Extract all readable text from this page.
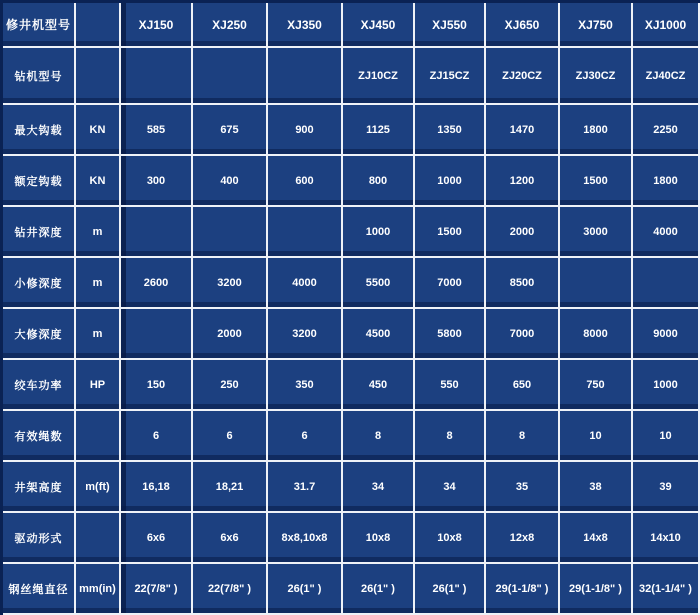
修井机型号		XJ150	XJ250	XJ350	XJ450	XJ550	XJ650	XJ750	XJ1000
钻机型号					ZJ10CZ	ZJ15CZ	ZJ20CZ	ZJ30CZ	ZJ40CZ
最大钩载	KN	585	675	900	1125	1350	1470	1800	2250
额定钩载	KN	300	400	600	800	1000	1200	1500	1800
钻井深度	m				1000	1500	2000	3000	4000
小修深度	m	2600	3200	4000	5500	7000	8500		
大修深度	m		2000	3200	4500	5800	7000	8000	9000
绞车功率	HP	150	250	350	450	550	650	750	1000
有效绳数		6	6	6	8	8	8	10	10
井架高度	m(ft)	16,18	18,21	31.7	34	34	35	38	39
驱动形式		6x6	6x6	8x8,10x8	10x8	10x8	12x8	14x8	14x10
钢丝绳直径	mm(in)	22(7/8" )	22(7/8" )	26(1" )	26(1" )	26(1" )	29(1-1/8" )	29(1-1/8" )	32(1-1/4" )
